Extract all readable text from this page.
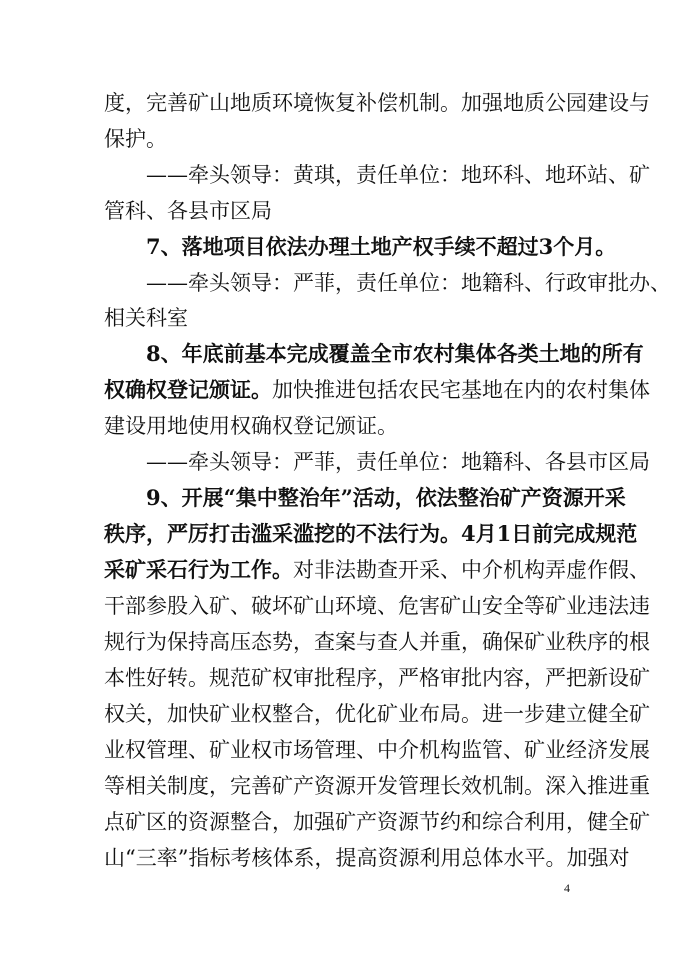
度，完善矿山地质环境恢复补偿机制。加强地质公园建设与
保护。
——牵头领导：黄琪，责任单位：地环科、地环站、矿
管科、各县市区局
7、落地项目依法办理土地产权手续不超过3个月。
——牵头领导：严菲，责任单位：地籍科、行政审批办、
相关科室
8、年底前基本完成覆盖全市农村集体各类土地的所有
权确权登记颁证。加快推进包括农民宅基地在内的农村集体
建设用地使用权确权登记颁证。
——牵头领导：严菲，责任单位：地籍科、各县市区局
9、开展“集中整治年”活动，依法整治矿产资源开采
秩序，严厉打击滥采滥挖的不法行为。4月1日前完成规范
采矿采石行为工作。对非法勘查开采、中介机构弄虚作假、
干部参股入矿、破坏矿山环境、危害矿山安全等矿业违法违
规行为保持高压态势，查案与查人并重，确保矿业秩序的根
本性好转。规范矿权审批程序，严格审批内容，严把新设矿
权关，加快矿业权整合，优化矿业布局。进一步建立健全矿
业权管理、矿业权市场管理、中介机构监管、矿业经济发展
等相关制度，完善矿产资源开发管理长效机制。深入推进重
点矿区的资源整合，加强矿产资源节约和综合利用，健全矿
山“三率”指标考核体系，提高资源利用总体水平。加强对
4
